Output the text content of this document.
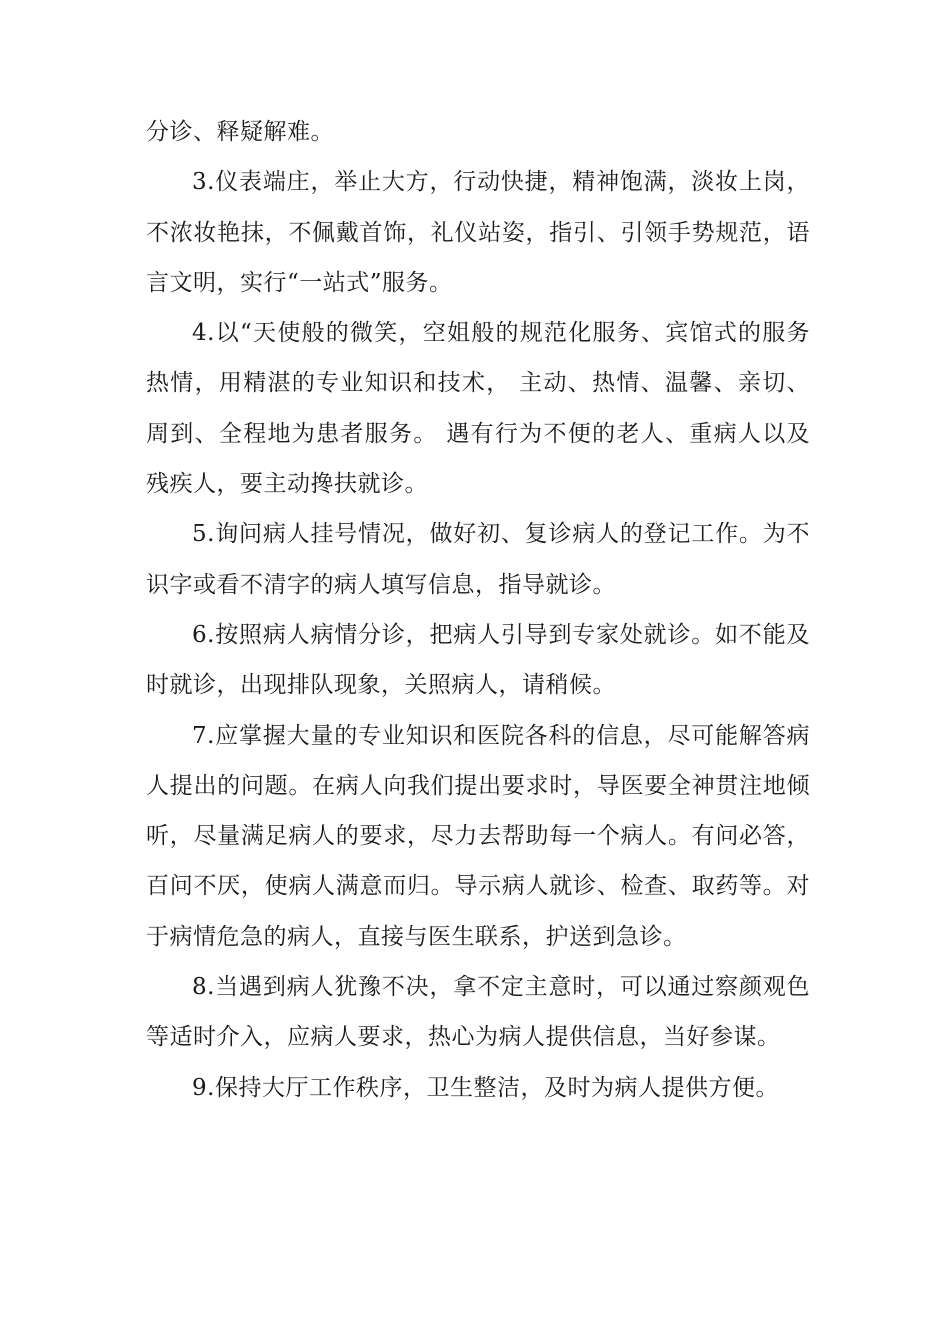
分诊、释疑解难。

3.仪表端庄，举止大方，行动快捷，精神饱满，淡妆上岗，不浓妆艳抹，不佩戴首饰，礼仪站姿，指引、引领手势规范，语言文明，实行“一站式”服务。

4.以“天使般的微笑，空姐般的规范化服务、宾馆式的服务热情，用精湛的专业知识和技术， 主动、热情、温馨、亲切、周到、全程地为患者服务。 遇有行为不便的老人、重病人以及残疾人，要主动搀扶就诊。

5.询问病人挂号情况，做好初、复诊病人的登记工作。为不识字或看不清字的病人填写信息，指导就诊。

6.按照病人病情分诊，把病人引导到专家处就诊。如不能及时就诊，出现排队现象，关照病人，请稍候。

7.应掌握大量的专业知识和医院各科的信息，尽可能解答病人提出的问题。在病人向我们提出要求时，导医要全神贯注地倾听，尽量满足病人的要求，尽力去帮助每一个病人。有问必答，百问不厌，使病人满意而归。导示病人就诊、检查、取药等。对于病情危急的病人，直接与医生联系，护送到急诊。

8.当遇到病人犹豫不决，拿不定主意时，可以通过察颜观色等适时介入，应病人要求，热心为病人提供信息，当好参谋。

9.保持大厅工作秩序，卫生整洁，及时为病人提供方便。
